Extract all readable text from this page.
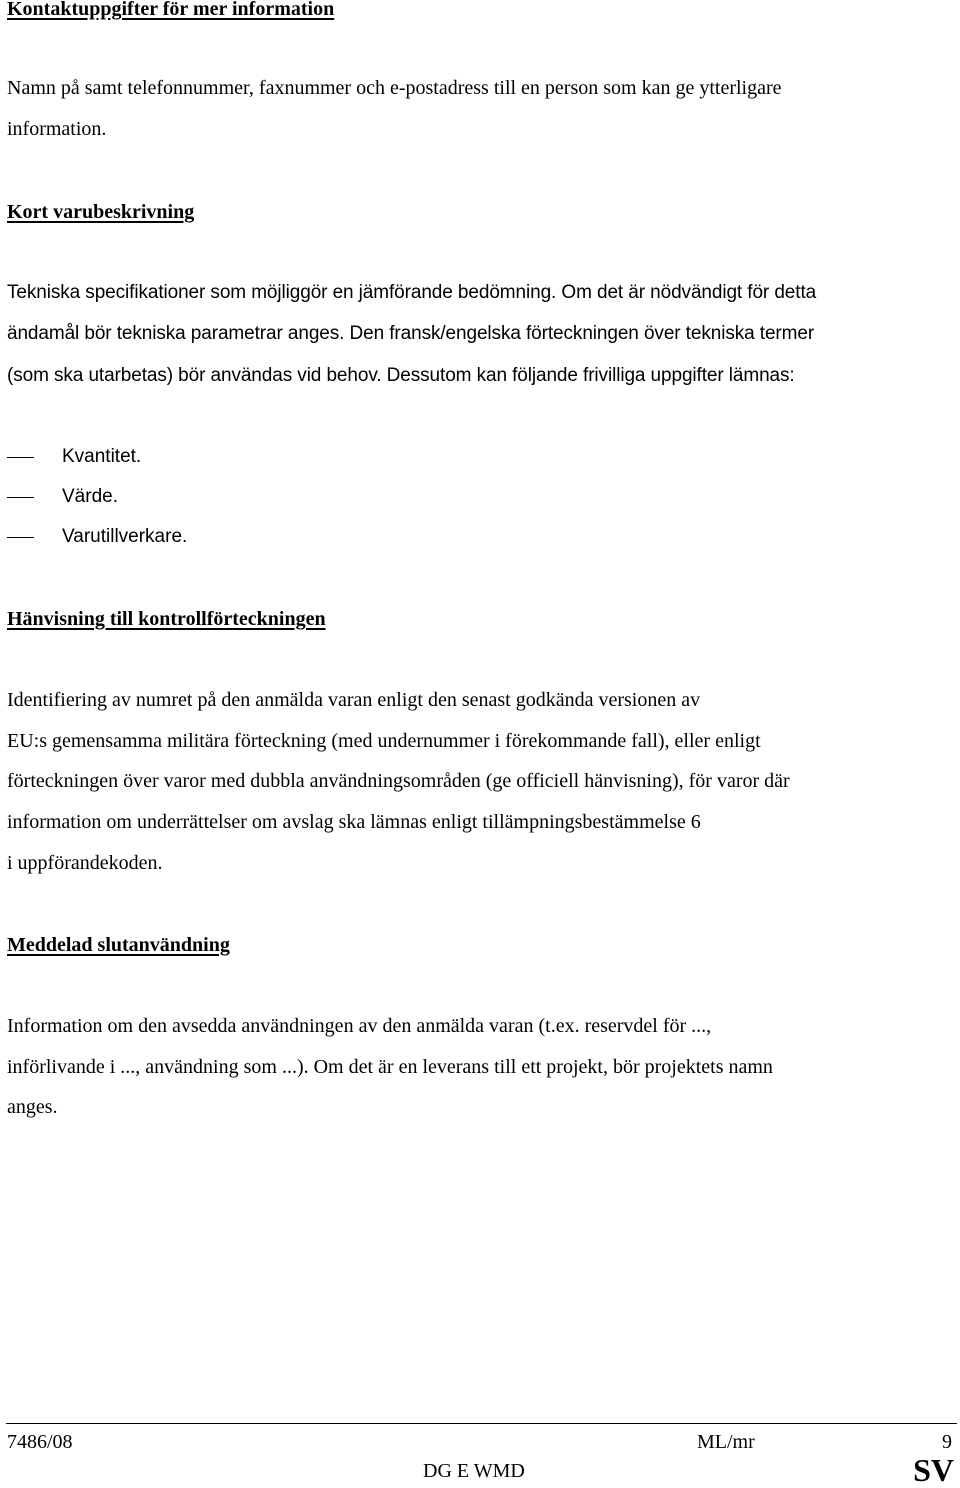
Kontaktuppgifter för mer information
Namn på samt telefonnummer, faxnummer och e-postadress till en person som kan ge ytterligare
information.
Kort varubeskrivning
Tekniska specifikationer som möjliggör en jämförande bedömning. Om det är nödvändigt för detta
ändamål bör tekniska parametrar anges. Den fransk/engelska förteckningen över tekniska termer
(som ska utarbetas) bör användas vid behov. Dessutom kan följande frivilliga uppgifter lämnas:
Kvantitet.
Värde.
Varutillverkare.
Hänvisning till kontrollförteckningen
Identifiering av numret på den anmälda varan enligt den senast godkända versionen av
EU:s gemensamma militära förteckning (med undernummer i förekommande fall), eller enligt
förteckningen över varor med dubbla användningsområden (ge officiell hänvisning), för varor där
information om underrättelser om avslag ska lämnas enligt tillämpningsbestämmelse 6
i uppförandekoden.
Meddelad slutanvändning
Information om den avsedda användningen av den anmälda varan (t.ex. reservdel för ...,
införlivande i ..., användning som ...). Om det är en leverans till ett projekt, bör projektets namn
anges.
7486/08	ML/mr	9
DG E WMD	SV
